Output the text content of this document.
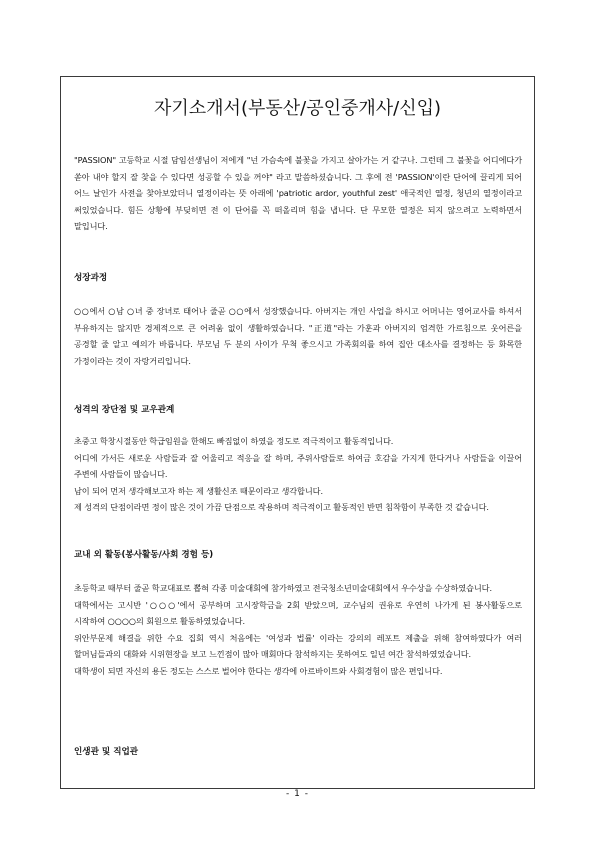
자기소개서(부동산/공인중개사/신입)

"PASSION" 고등학교 시절 담임선생님이 저에게 "넌 가슴속에 불꽃을 가지고 살아가는 거 같구나. 그런데 그 불꽃을 어디에다가 쏟아 내야 할지 잘 찾을 수 있다면 성공할 수 있을 꺼야" 라고 말씀하셨습니다. 그 후에 전 'PASSION'이란 단어에 끌리게 되어 어느 날인가 사전을 찾아보았더니 열정이라는 뜻 아래에 'patriotic ardor, youthful zest' 애국적인 열정, 청년의 열정이라고 써있었습니다. 힘든 상황에 부딪히면 전 이 단어를 꼭 떠올리며 힘을 냅니다. 단 무모한 열정은 되지 않으려고 노력하면서 말입니다.

성장과정

○○에서 ○남 ○녀 중 장녀로 태어나 줄곧 ○○에서 성장했습니다. 아버지는 개인 사업을 하시고 어머니는 영어교사를 하셔서 부유하지는 않지만 경제적으로 큰 어려움 없이 생활하였습니다. "正道"라는 가훈과 아버지의 엄격한 가르침으로 웃어른을 공경할 줄 알고 예의가 바릅니다. 부모님 두 분의 사이가 무척 좋으시고 가족회의를 하여 집안 대소사를 결정하는 등 화목한 가정이라는 것이 자랑거리입니다.

성격의 장단점 및 교우관계

초중고 학창시절동안 학급임원을 한해도 빠짐없이 하였을 정도로 적극적이고 활동적입니다.

어디에 가서든 새로운 사람들과 잘 어울리고 적응을 잘 하며, 주위사람들로 하여금 호감을 가지게 한다거나 사람들을 이끌어 주변에 사람들이 많습니다.

남이 되어 먼저 생각해보고자 하는 제 생활신조 때문이라고 생각합니다.

제 성격의 단점이라면 정이 많은 것이 가끔 단점으로 작용하며 적극적이고 활동적인 반면 침착함이 부족한 것 같습니다.

교내 외 활동(봉사활동/사회 경험 등)

초등학교 때부터 줄곧 학교대표로 뽑혀 각종 미술대회에 참가하였고 전국청소년미술대회에서 우수상을 수상하였습니다.

대학에서는 고시반 '○○○'에서 공부하며 고시장학금을 2회 받았으며, 교수님의 권유로 우연히 나가게 된 봉사활동으로 시작하여 ○○○○의 회원으로 활동하였었습니다.

위안부문제 해결을 위한 수요 집회 역시 처음에는 '여성과 법률' 이라는 강의의 레포트 제출을 위해 참여하였다가 여러 할머님들과의 대화와 시위현장을 보고 느낀점이 많아 매회마다 참석하지는 못하여도 일년 여간 참석하였었습니다.

대학생이 되면 자신의 용돈 정도는 스스로 벌어야 한다는 생각에 아르바이트와 사회경험이 많은 편입니다.

인생관 및 직업관

- 1 -
